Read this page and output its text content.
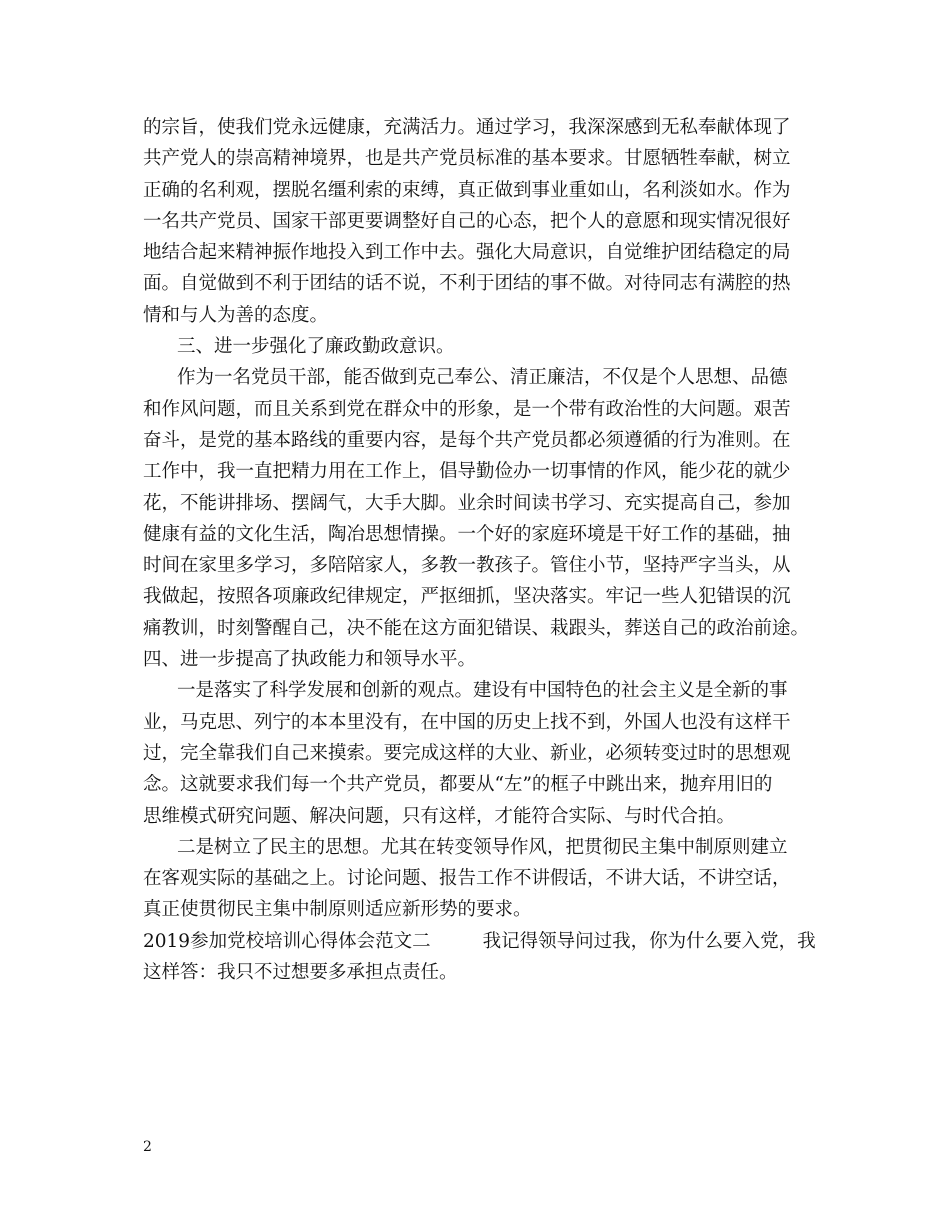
的宗旨，使我们党永远健康，充满活力。通过学习，我深深感到无私奉献体现了
共产党人的崇高精神境界，也是共产党员标准的基本要求。甘愿牺牲奉献，树立
正确的名利观，摆脱名缰利索的束缚，真正做到事业重如山，名利淡如水。作为
一名共产党员、国家干部更要调整好自己的心态，把个人的意愿和现实情况很好
地结合起来精神振作地投入到工作中去。强化大局意识，自觉维护团结稳定的局
面。自觉做到不利于团结的话不说，不利于团结的事不做。对待同志有满腔的热
情和与人为善的态度。
三、进一步强化了廉政勤政意识。
作为一名党员干部，能否做到克己奉公、清正廉洁，不仅是个人思想、品德
和作风问题，而且关系到党在群众中的形象，是一个带有政治性的大问题。艰苦
奋斗，是党的基本路线的重要内容，是每个共产党员都必须遵循的行为准则。在
工作中，我一直把精力用在工作上，倡导勤俭办一切事情的作风，能少花的就少
花，不能讲排场、摆阔气，大手大脚。业余时间读书学习、充实提高自己，参加
健康有益的文化生活，陶冶思想情操。一个好的家庭环境是干好工作的基础，抽
时间在家里多学习，多陪陪家人，多教一教孩子。管住小节，坚持严字当头，从
我做起，按照各项廉政纪律规定，严抠细抓，坚决落实。牢记一些人犯错误的沉
痛教训，时刻警醒自己，决不能在这方面犯错误、栽跟头，葬送自己的政治前途。
四、进一步提高了执政能力和领导水平。
一是落实了科学发展和创新的观点。建设有中国特色的社会主义是全新的事
业，马克思、列宁的本本里没有，在中国的历史上找不到，外国人也没有这样干
过，完全靠我们自己来摸索。要完成这样的大业、新业，必须转变过时的思想观
念。这就要求我们每一个共产党员，都要从“左”的框子中跳出来，抛弃用旧的
思维模式研究问题、解决问题，只有这样，才能符合实际、与时代合拍。
二是树立了民主的思想。尤其在转变领导作风，把贯彻民主集中制原则建立
在客观实际的基础之上。讨论问题、报告工作不讲假话，不讲大话，不讲空话，
真正使贯彻民主集中制原则适应新形势的要求。
2019参加党校培训心得体会范文二	我记得领导问过我，你为什么要入党，我
这样答：我只不过想要多承担点责任。
2
